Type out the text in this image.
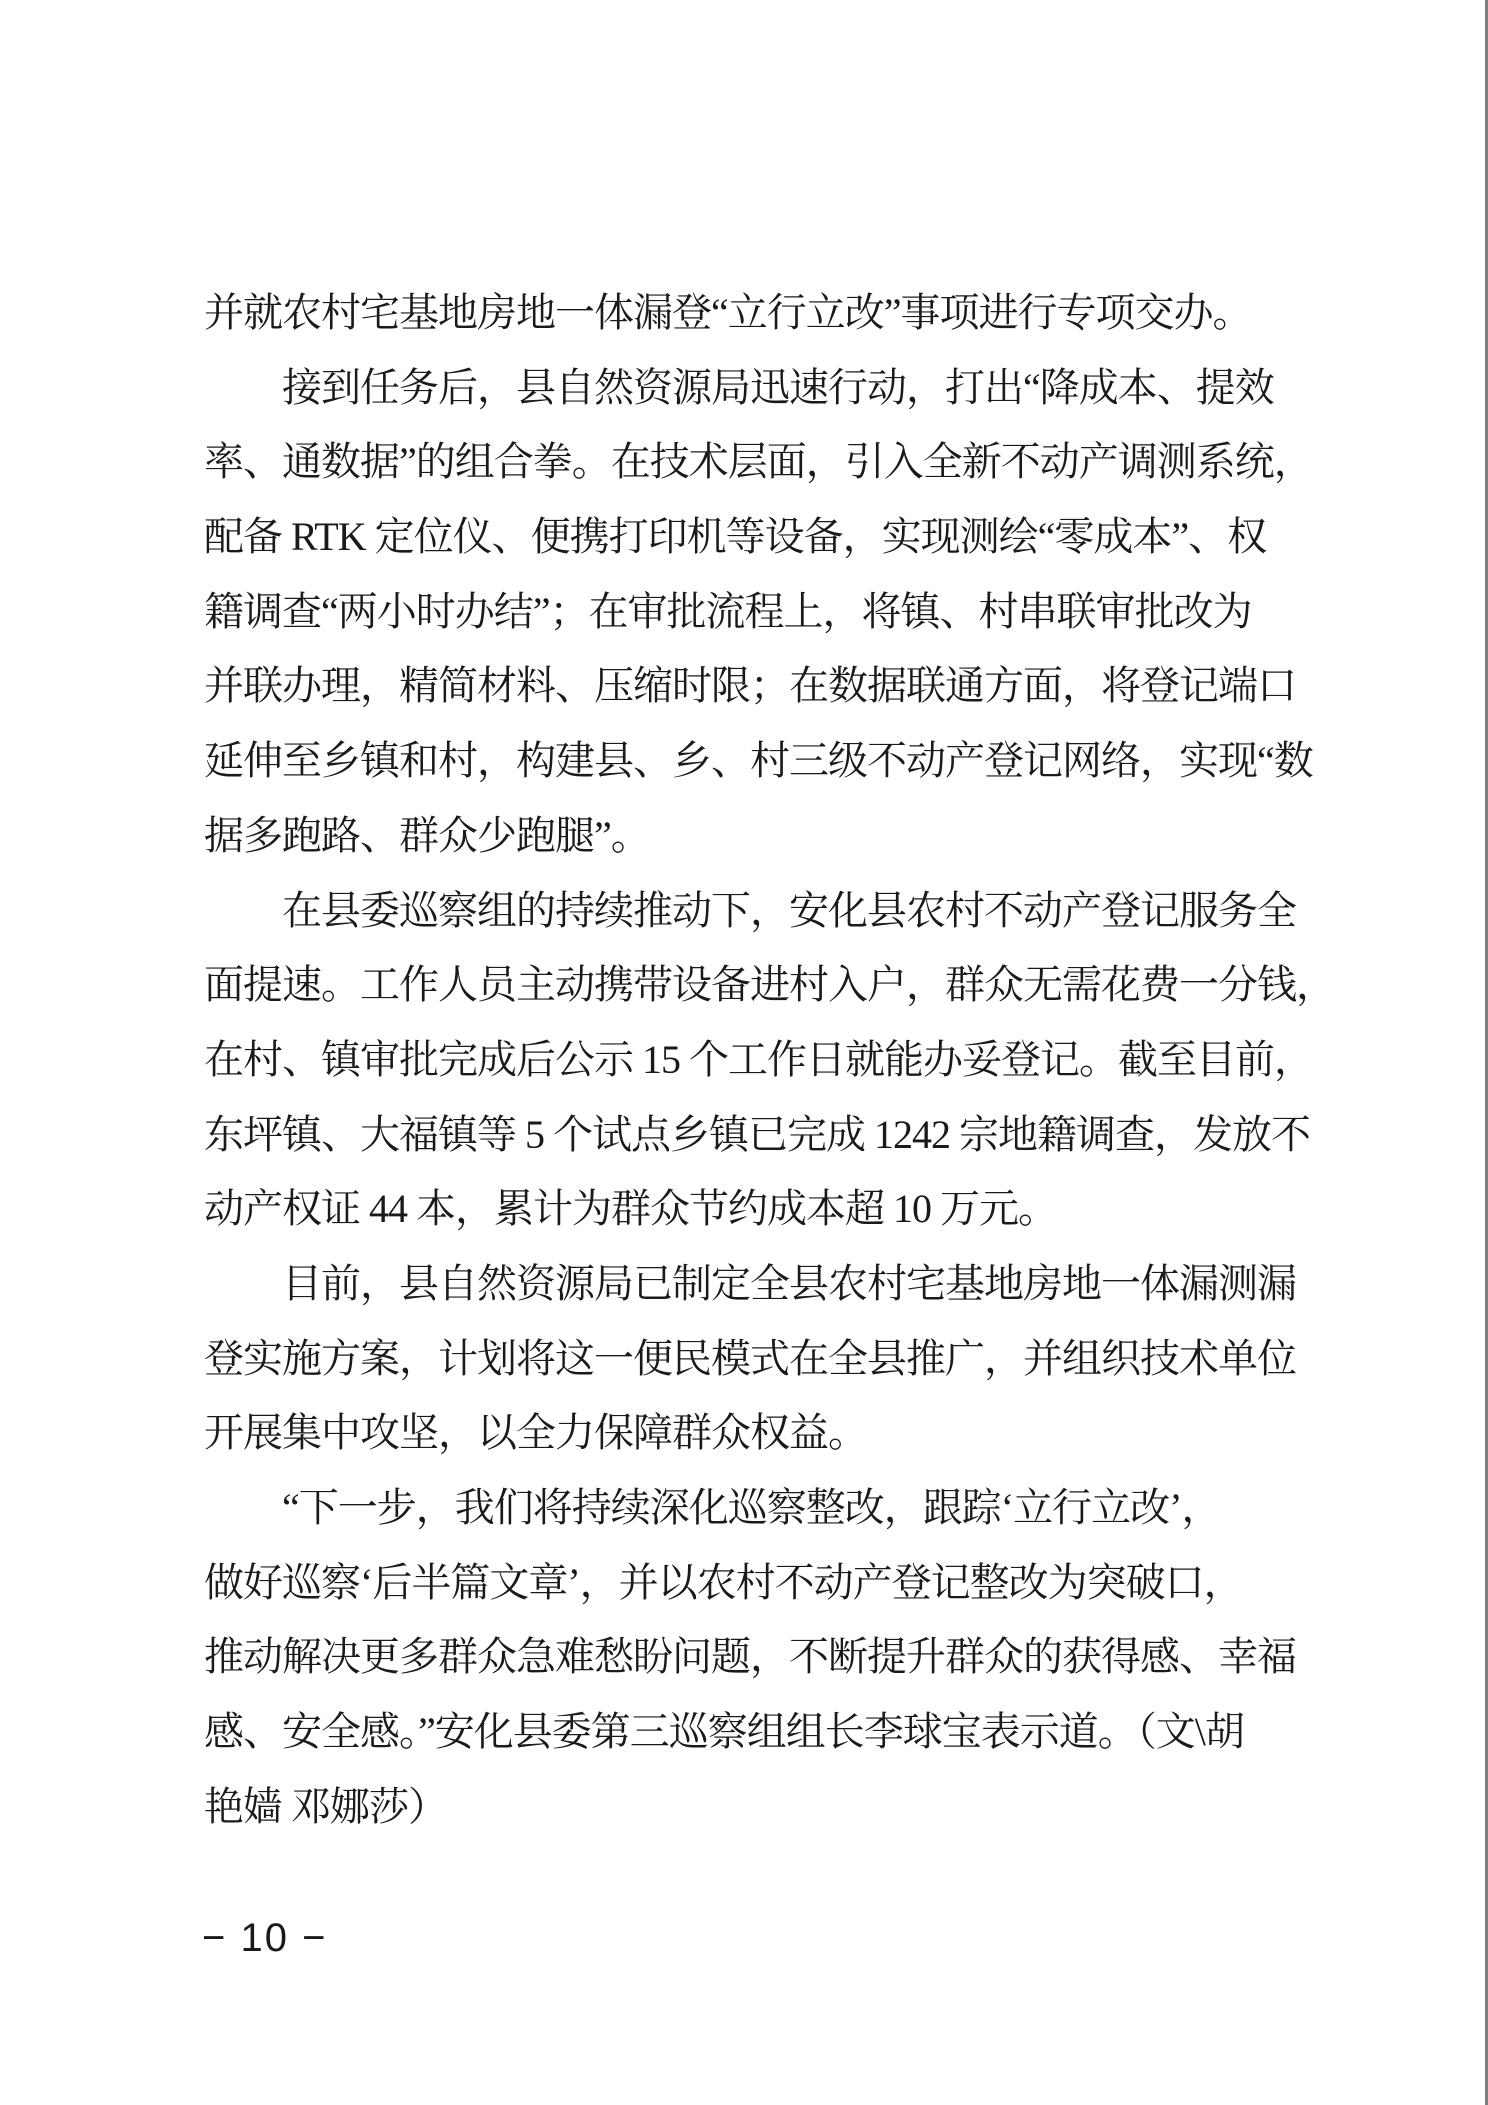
并就农村宅基地房地一体漏登“立行立改”事项进行专项交办。
接到任务后，县自然资源局迅速行动，打出“降成本、提效
率、通数据”的组合拳。在技术层面，引入全新不动产调测系统，
配备 RTK 定位仪、便携打印机等设备，实现测绘“零成本”、权
籍调查“两小时办结”；在审批流程上，将镇、村串联审批改为
并联办理，精简材料、压缩时限；在数据联通方面，将登记端口
延伸至乡镇和村，构建县、乡、村三级不动产登记网络，实现“数
据多跑路、群众少跑腿”。
在县委巡察组的持续推动下，安化县农村不动产登记服务全
面提速。工作人员主动携带设备进村入户，群众无需花费一分钱，
在村、镇审批完成后公示 15 个工作日就能办妥登记。截至目前，
东坪镇、大福镇等 5 个试点乡镇已完成 1242 宗地籍调查，发放不
动产权证 44 本，累计为群众节约成本超 10 万元。
目前，县自然资源局已制定全县农村宅基地房地一体漏测漏
登实施方案，计划将这一便民模式在全县推广，并组织技术单位
开展集中攻坚，以全力保障群众权益。
“下一步，我们将持续深化巡察整改，跟踪‘立行立改’，
做好巡察‘后半篇文章’，并以农村不动产登记整改为突破口，
推动解决更多群众急难愁盼问题，不断提升群众的获得感、幸福
感、安全感。”安化县委第三巡察组组长李球宝表示道。（文\胡
艳嫱 邓娜莎）
− 10 −
